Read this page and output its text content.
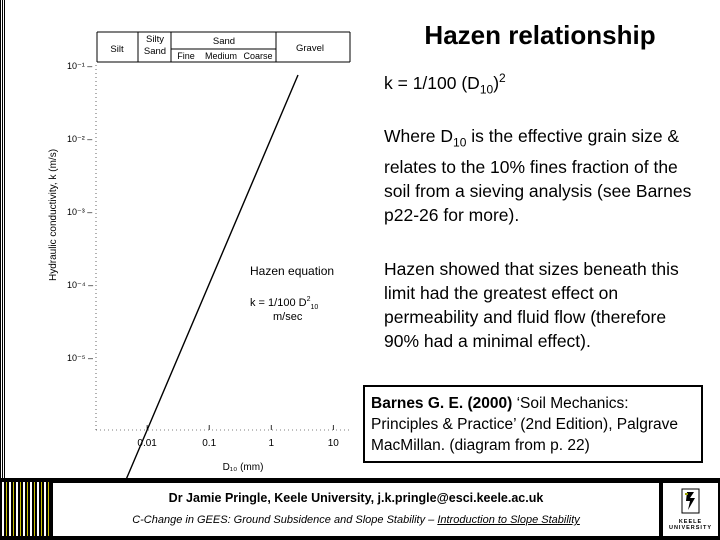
Silt
Silty
Sand
Sand
Fine Medium Coarse
Gravel
Hydraulic conductivity, k (m/s)
D₁₀ (mm)
0.01	0.1	1	10
10⁻¹ –
10⁻² –
10⁻³ –
10⁻⁴ –
10⁻⁵ –
Hazen equation
k = 1/100 $D^2_{10}$
m/sec
Hazen relationship
k = 1/100 $(D_{10})^2$
Where $D_{10}$ is the effective grain size & relates to the 10% fines fraction of the soil from a sieving analysis (see Barnes p22-26 for more).
Hazen showed that sizes beneath this limit had the greatest effect on permeability and fluid flow (therefore 90% had a minimal effect).
Barnes G. E. (2000) ‘Soil Mechanics: Principles & Practice’ (2nd Edition), Palgrave MacMillan. (diagram from p. 22)
Dr Jamie Pringle, Keele University, j.k.pringle@esci.keele.ac.uk
C-Change in GEES: Ground Subsidence and Slope Stability – Introduction to Slope Stability	KEELE UNIVERSITY
